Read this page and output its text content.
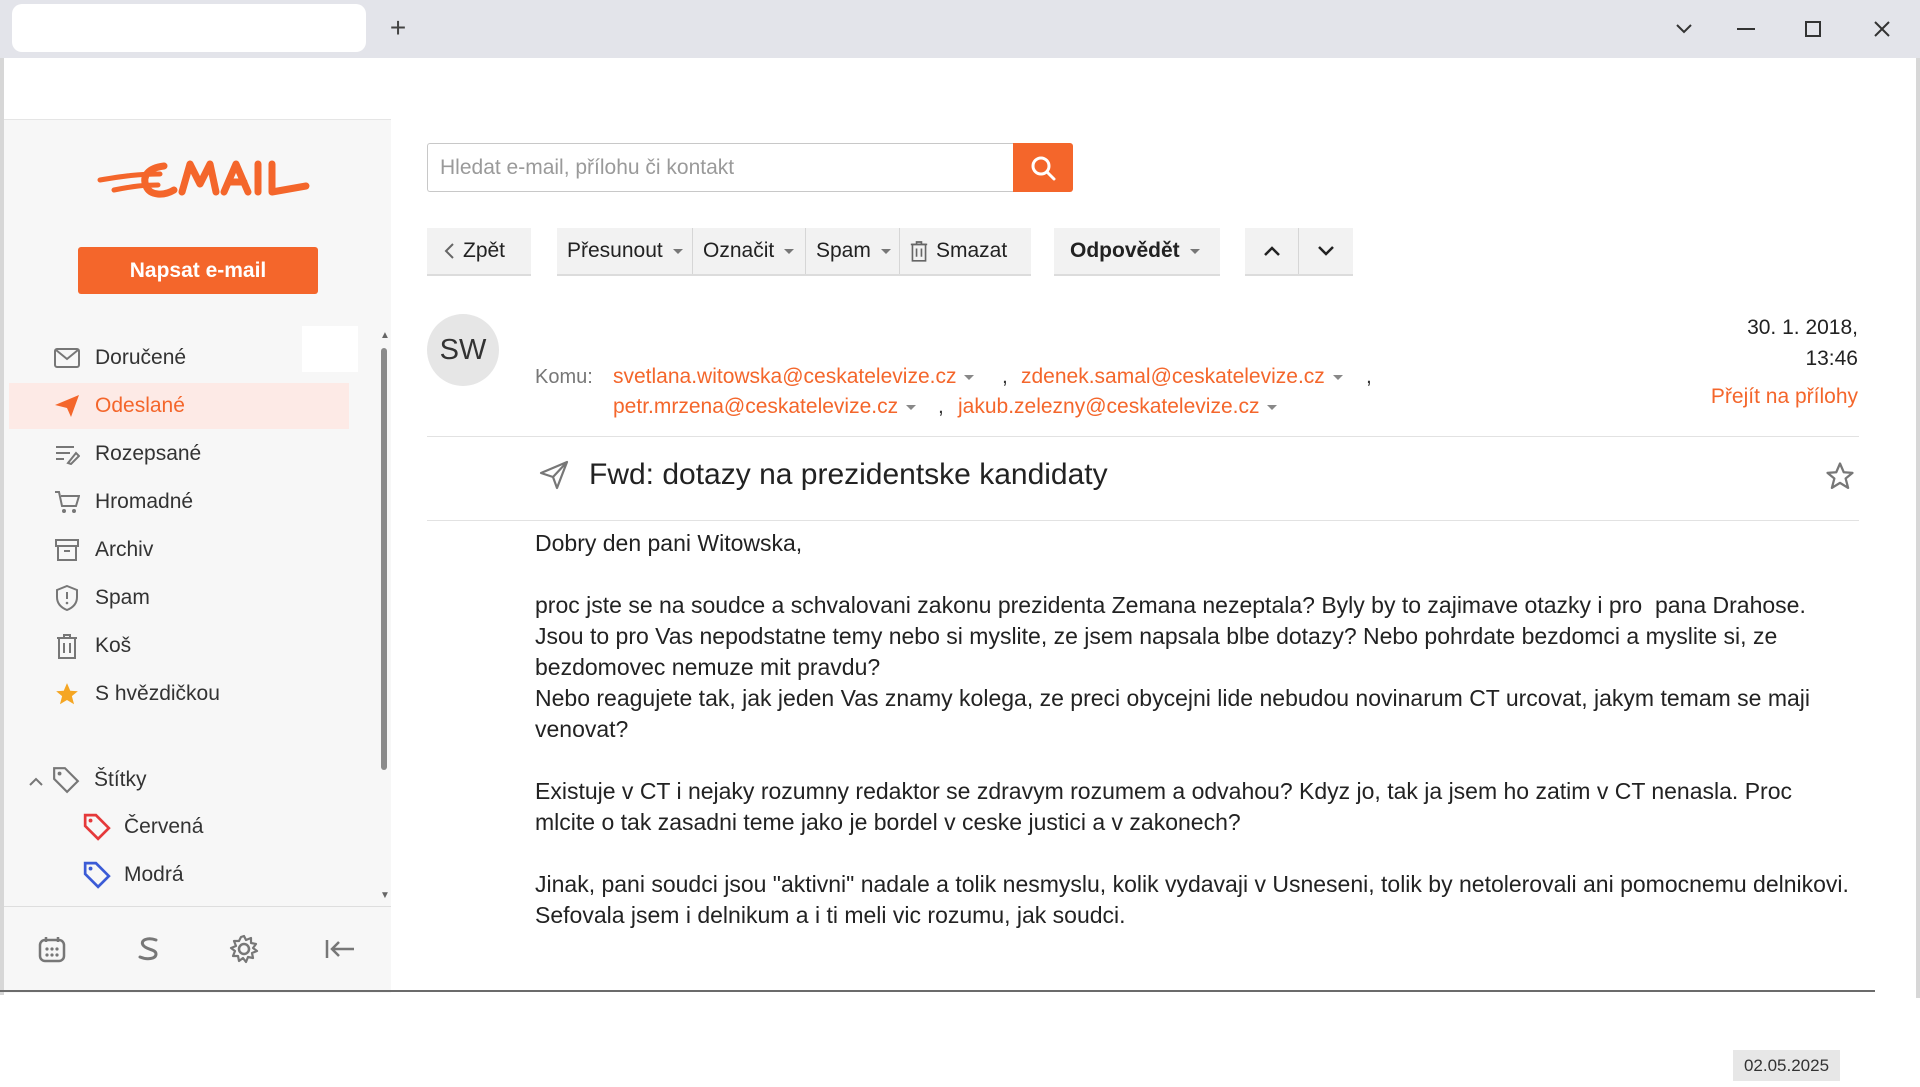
+
Napsat e-mail
Doručené
Odeslané
Rozepsané
Hromadné
Archiv
Spam
Koš
S hvězdičkou
Štítky
Červená
Modrá
▲
▼
Hledat e-mail, přílohu či kontakt
Zpět	Přesunout Označit Spam	Smazat	Odpovědět
SW
Komu: svetlana.witowska@ceskatelevize.cz , zdenek.samal@ceskatelevize.cz ,
petr.mrzena@ceskatelevize.cz , jakub.zelezny@ceskatelevize.cz
30. 1. 2018,
13:46
Přejít na přílohy
Fwd: dotazy na prezidentske kandidaty
Dobry den pani Witowska,

proc jste se na soudce a schvalovani zakonu prezidenta Zemana nezeptala? Byly by to zajimave otazky i pro  pana Drahose.
Jsou to pro Vas nepodstatne temy nebo si myslite, ze jsem napsala blbe dotazy? Nebo pohrdate bezdomci a myslite si, ze bezdomovec nemuze mit pravdu?
Nebo reagujete tak, jak jeden Vas znamy kolega, ze preci obycejni lide nebudou novinarum CT urcovat, jakym temam se maji venovat?

Existuje v CT i nejaky rozumny redaktor se zdravym rozumem a odvahou? Kdyz jo, tak ja jsem ho zatim v CT nenasla. Proc mlcite o tak zasadni teme jako je bordel v ceske justici a v zakonech?

Jinak, pani soudci jsou "aktivni" nadale a tolik nesmyslu, kolik vydavaji v Usneseni, tolik by netolerovali ani pomocnemu delnikovi.
Sefovala jsem i delnikum a i ti meli vic rozumu, jak soudci.
02.05.2025
